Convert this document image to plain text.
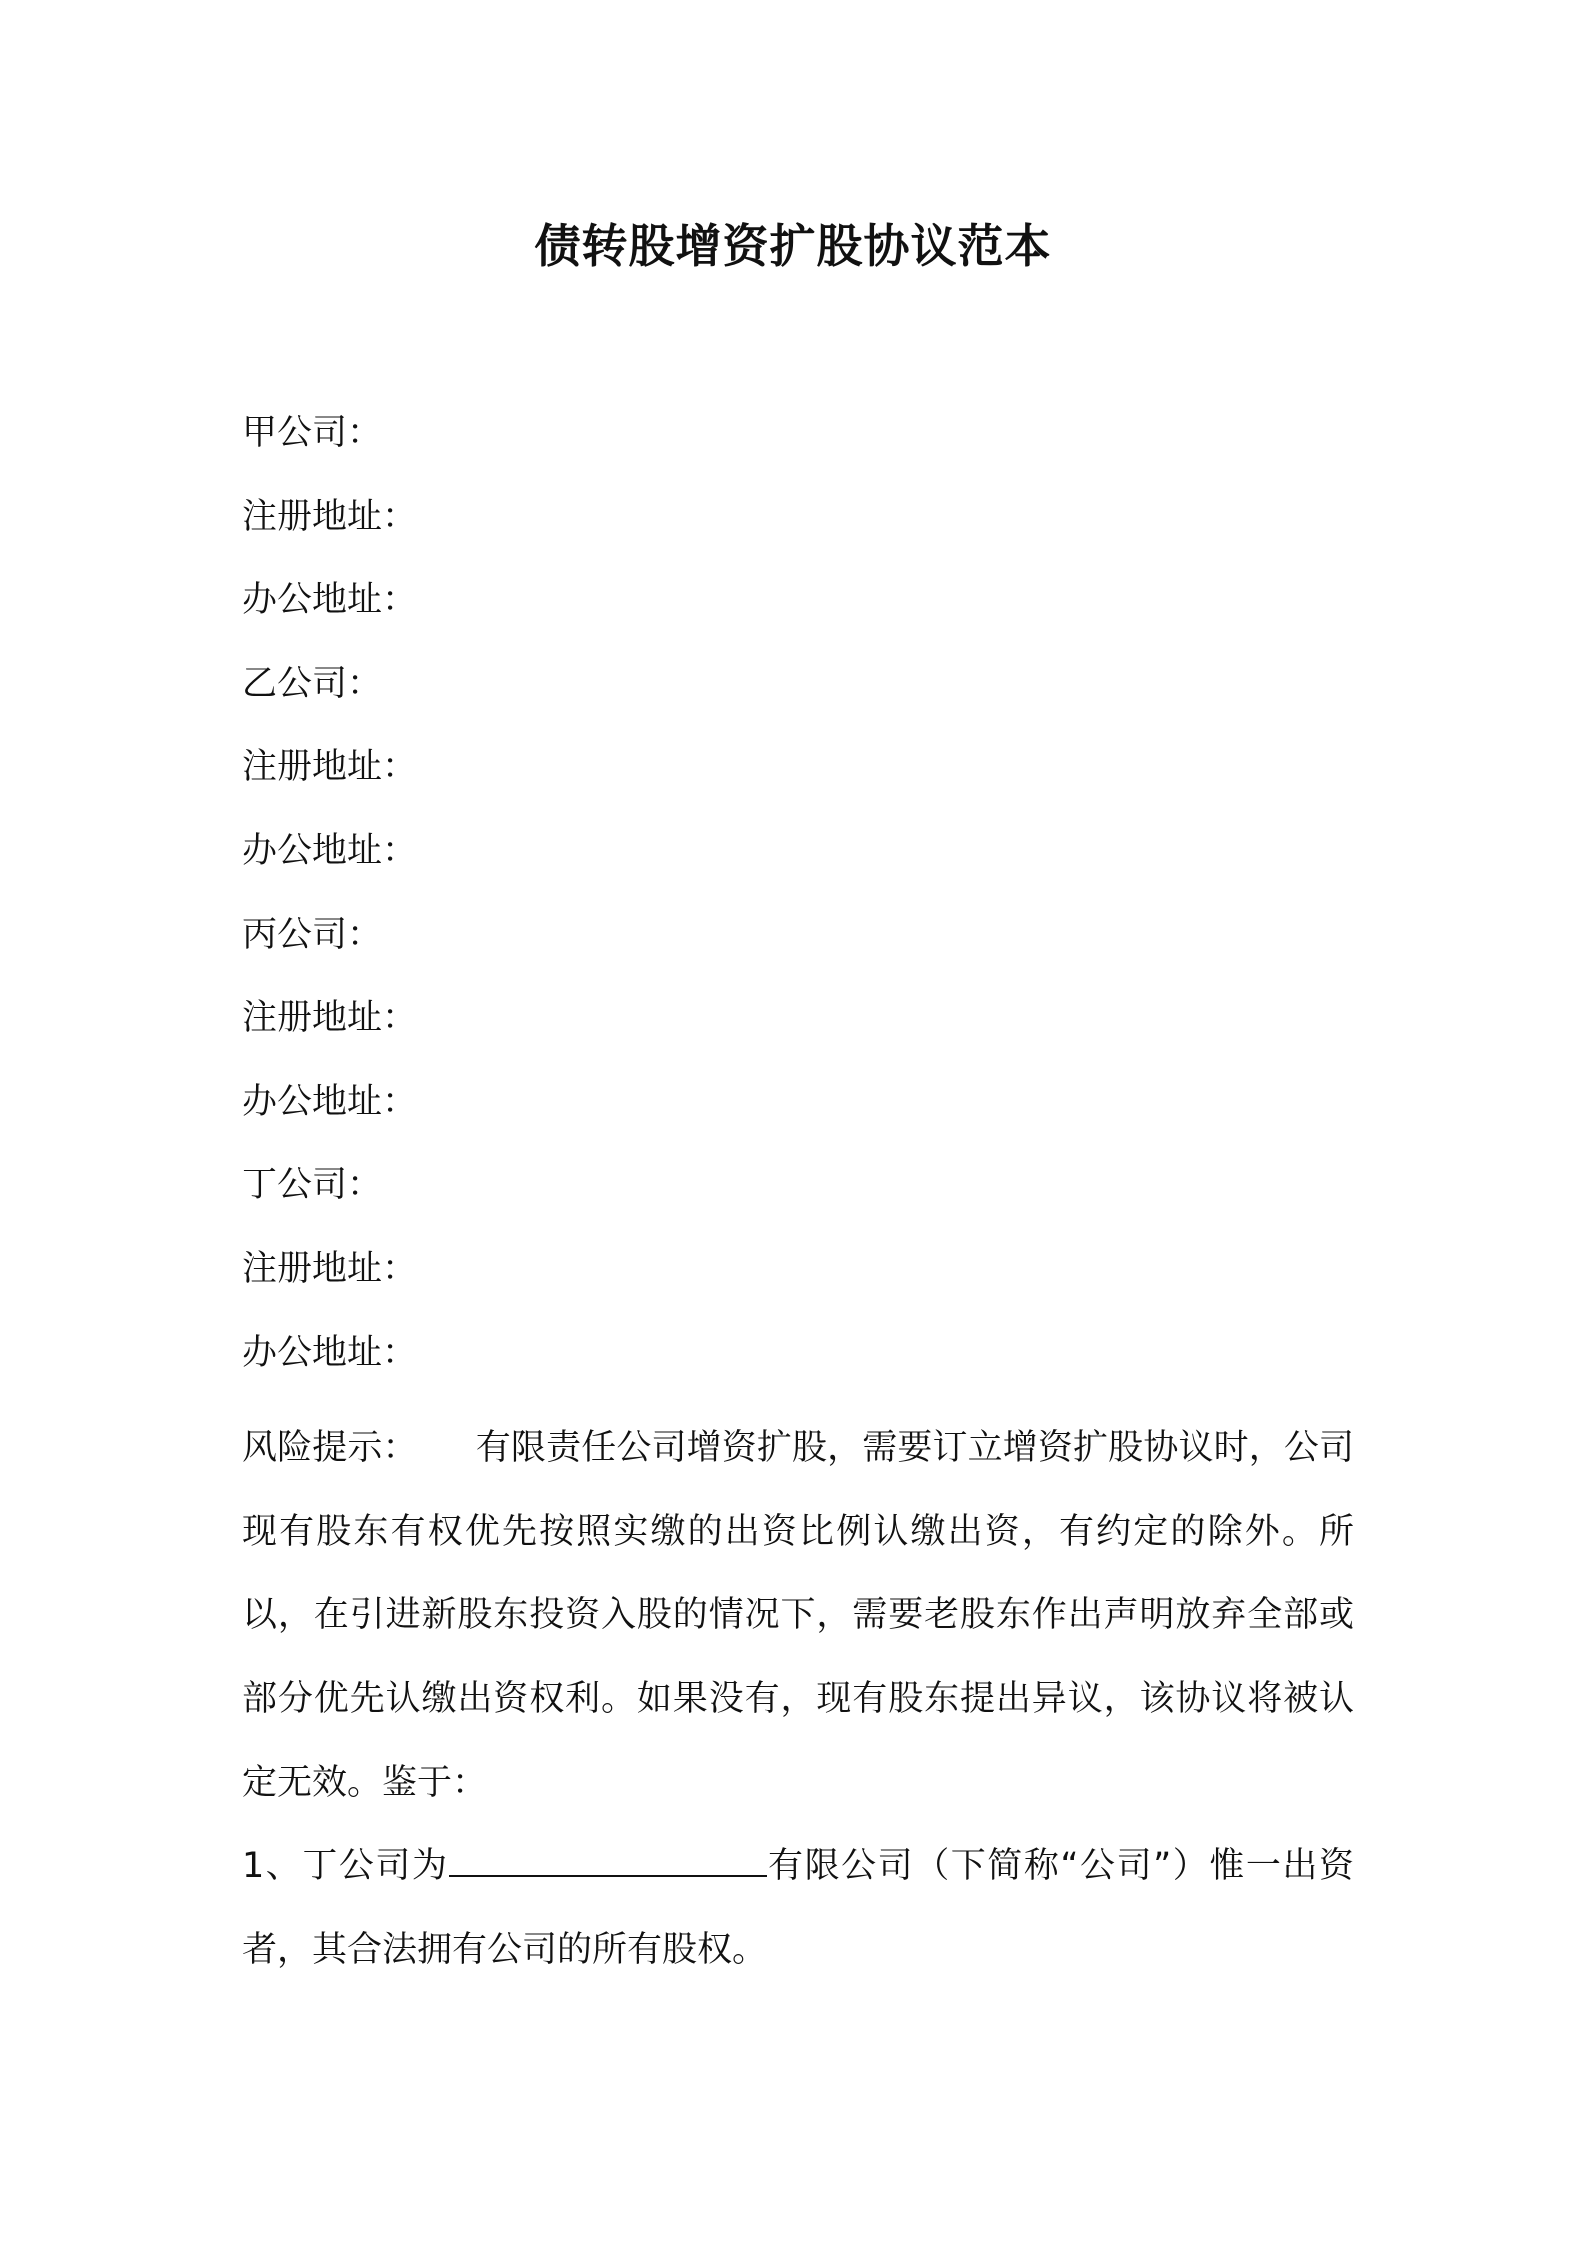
债转股增资扩股协议范本
甲公司：
注册地址：
办公地址：
乙公司：
注册地址：
办公地址：
丙公司：
注册地址：
办公地址：
丁公司：
注册地址：
办公地址：

风险提示： 有限责任公司增资扩股，需要订立增资扩股协议时，公司现有股东有权优先按照实缴的出资比例认缴出资，有约定的除外。所以，在引进新股东投资入股的情况下，需要老股东作出声明放弃全部或部分优先认缴出资权利。如果没有，现有股东提出异议，该协议将被认定无效。鉴于：

1、丁公司为	有限公司（下简称“公司”）惟一出资者，其合法拥有公司的所有股权。
